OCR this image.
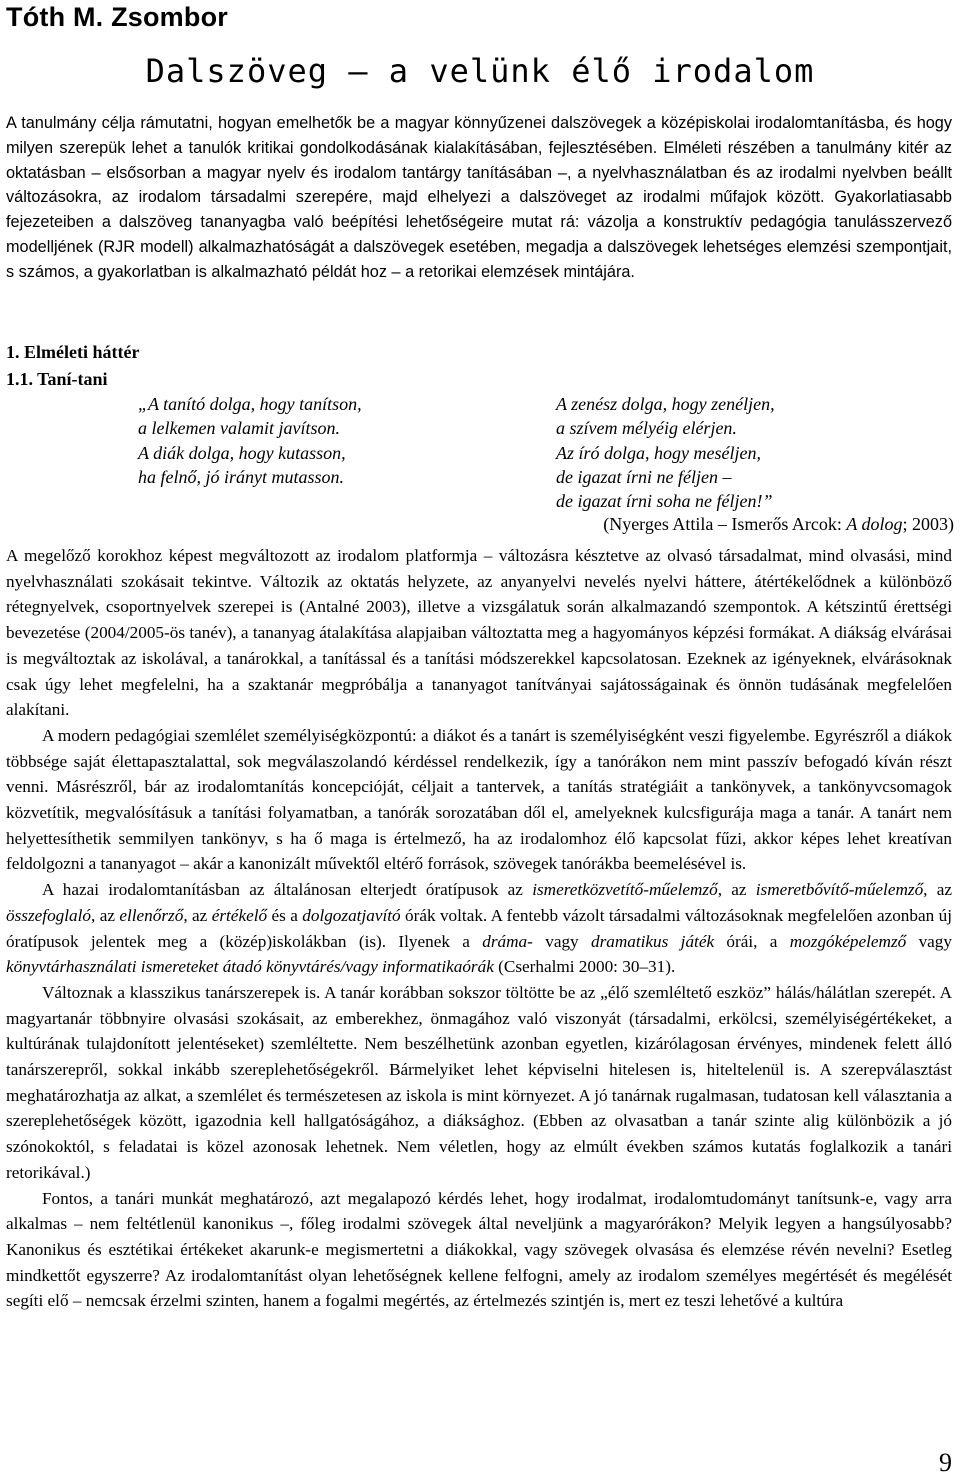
Tóth M. Zsombor
Dalszöveg – a velünk élő irodalom

A tanulmány célja rámutatni, hogyan emelhetők be a magyar könnyűzenei dalszövegek a középiskolai irodalomtanításba, és hogy milyen szerepük lehet a tanulók kritikai gondolkodásának kialakításában, fejlesztésében. Elméleti részében a tanulmány kitér az oktatásban – elsősorban a magyar nyelv és irodalom tantárgy tanításában –, a nyelvhasználatban és az irodalmi nyelvben beállt változásokra, az irodalom társadalmi szerepére, majd elhelyezi a dalszöveget az irodalmi műfajok között. Gyakorlatiasabb fejezeteiben a dalszöveg tananyagba való beépítési lehetőségeire mutat rá: vázolja a konstruktív pedagógia tanulásszervező modelljének (RJR modell) alkalmazhatóságát a dalszövegek esetében, megadja a dalszövegek lehetséges elemzési szempontjait, s számos, a gyakorlatban is alkalmazható példát hoz – a retorikai elemzések mintájára.

1. Elméleti háttér
1.1. Taní-tani
„A tanító dolga, hogy tanítson,
a lelkemen valamit javítson.
A diák dolga, hogy kutasson,
ha felnő, jó irányt mutasson.
A zenész dolga, hogy zenéljen,
a szívem mélyéig elérjen.
Az író dolga, hogy meséljen,
de igazat írni ne féljen –
de igazat írni soha ne féljen!”
(Nyerges Attila – Ismerős Arcok: A dolog; 2003)

A megelőző korokhoz képest megváltozott az irodalom platformja – változásra késztetve az olvasó társadalmat, mind olvasási, mind nyelvhasználati szokásait tekintve. Változik az oktatás helyzete, az anyanyelvi nevelés nyelvi háttere, átértékelődnek a különböző rétegnyelvek, csoportnyelvek szerepei is (Antalné 2003), illetve a vizsgálatuk során alkalmazandó szempontok. A kétszintű érettségi bevezetése (2004/2005-ös tanév), a tananyag átalakítása alapjaiban változtatta meg a hagyományos képzési formákat. A diákság elvárásai is megváltoztak az iskolával, a tanárokkal, a tanítással és a tanítási módszerekkel kapcsolatosan. Ezeknek az igényeknek, elvárásoknak csak úgy lehet megfelelni, ha a szaktanár megpróbálja a tananyagot tanítványai sajátosságainak és önnön tudásának megfelelően alakítani.

A modern pedagógiai szemlélet személyiségközpontú: a diákot és a tanárt is személyiségként veszi figyelembe. Egyrészről a diákok többsége saját élettapasztalattal, sok megválaszolandó kérdéssel rendelkezik, így a tanórákon nem mint passzív befogadó kíván részt venni. Másrészről, bár az irodalomtanítás koncepcióját, céljait a tantervek, a tanítás stratégiáit a tankönyvek, a tankönyvcsomagok közvetítik, megvalósításuk a tanítási folyamatban, a tanórák sorozatában dől el, amelyeknek kulcsfigurája maga a tanár. A tanárt nem helyettesíthetik semmilyen tankönyv, s ha ő maga is értelmező, ha az irodalomhoz élő kapcsolat fűzi, akkor képes lehet kreatívan feldolgozni a tananyagot – akár a kanonizált művektől eltérő források, szövegek tanórákba beemelésével is.

A hazai irodalomtanításban az általánosan elterjedt óratípusok az ismeretközvetítő-műelemző, az ismeretbővítő-műelemző, az összefoglaló, az ellenőrző, az értékelő és a dolgozatjavító órák voltak. A fentebb vázolt társadalmi változásoknak megfelelően azonban új óratípusok jelentek meg a (közép)iskolákban (is). Ilyenek a dráma- vagy dramatikus játék órái, a mozgóképelemző vagy könyvtárhasználati ismereteket átadó könyvtárés/vagy informatikaórák (Cserhalmi 2000: 30–31).

Változnak a klasszikus tanárszerepek is. A tanár korábban sokszor töltötte be az „élő szemléltető eszköz” hálás/hálátlan szerepét. A magyartanár többnyire olvasási szokásait, az emberekhez, önmagához való viszonyát (társadalmi, erkölcsi, személyiségértékeket, a kultúrának tulajdonított jelentéseket) szemléltette. Nem beszélhetünk azonban egyetlen, kizárólagosan érvényes, mindenek felett álló tanárszerepről, sokkal inkább szereplehetőségekről. Bármelyiket lehet képviselni hitelesen is, hiteltelenül is. A szerepválasztást meghatározhatja az alkat, a szemlélet és természetesen az iskola is mint környezet. A jó tanárnak rugalmasan, tudatosan kell választania a szereplehetőségek között, igazodnia kell hallgatóságához, a diáksághoz. (Ebben az olvasatban a tanár szinte alig különbözik a jó szónokoktól, s feladatai is közel azonosak lehetnek. Nem véletlen, hogy az elmúlt években számos kutatás foglalkozik a tanári retorikával.)

Fontos, a tanári munkát meghatározó, azt megalapozó kérdés lehet, hogy irodalmat, irodalomtudományt tanítsunk-e, vagy arra alkalmas – nem feltétlenül kanonikus –, főleg irodalmi szövegek által neveljünk a magyarórákon? Melyik legyen a hangsúlyosabb? Kanonikus és esztétikai értékeket akarunk-e megismertetni a diákokkal, vagy szövegek olvasása és elemzése révén nevelni? Esetleg mindkettőt egyszerre? Az irodalomtanítást olyan lehetőségnek kellene felfogni, amely az irodalom személyes megértését és megélését segíti elő – nemcsak érzelmi szinten, hanem a fogalmi megértés, az értelmezés szintjén is, mert ez teszi lehetővé a kultúra

9
